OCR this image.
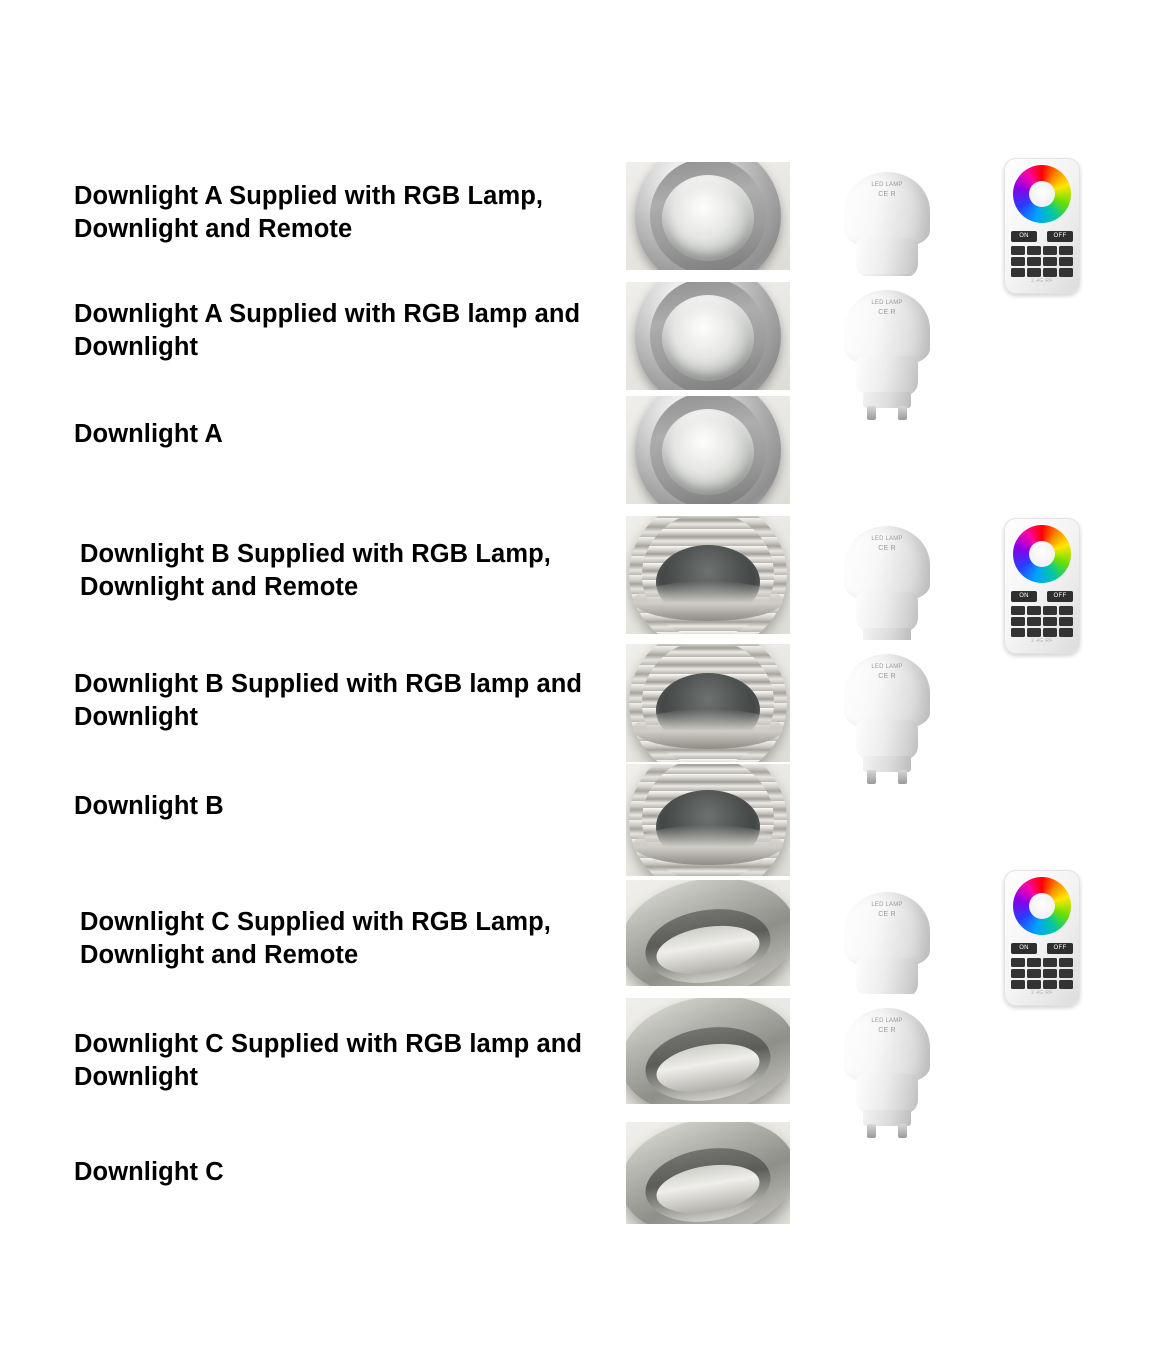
Downlight A Supplied with RGB Lamp, Downlight and Remote
LED LAMP
CE R
ON	OFF
2.4G RF
Downlight A Supplied with RGB lamp and Downlight
LED LAMP
CE R
Downlight A
Downlight B Supplied with RGB Lamp, Downlight and Remote
LED LAMP
CE R
ON	OFF
2.4G RF
Downlight B Supplied with RGB lamp and Downlight
LED LAMP
CE R
Downlight B
Downlight C Supplied with RGB Lamp, Downlight and Remote
LED LAMP
CE R
ON	OFF
2.4G RF
Downlight C Supplied with RGB lamp and Downlight
LED LAMP
CE R
Downlight C
